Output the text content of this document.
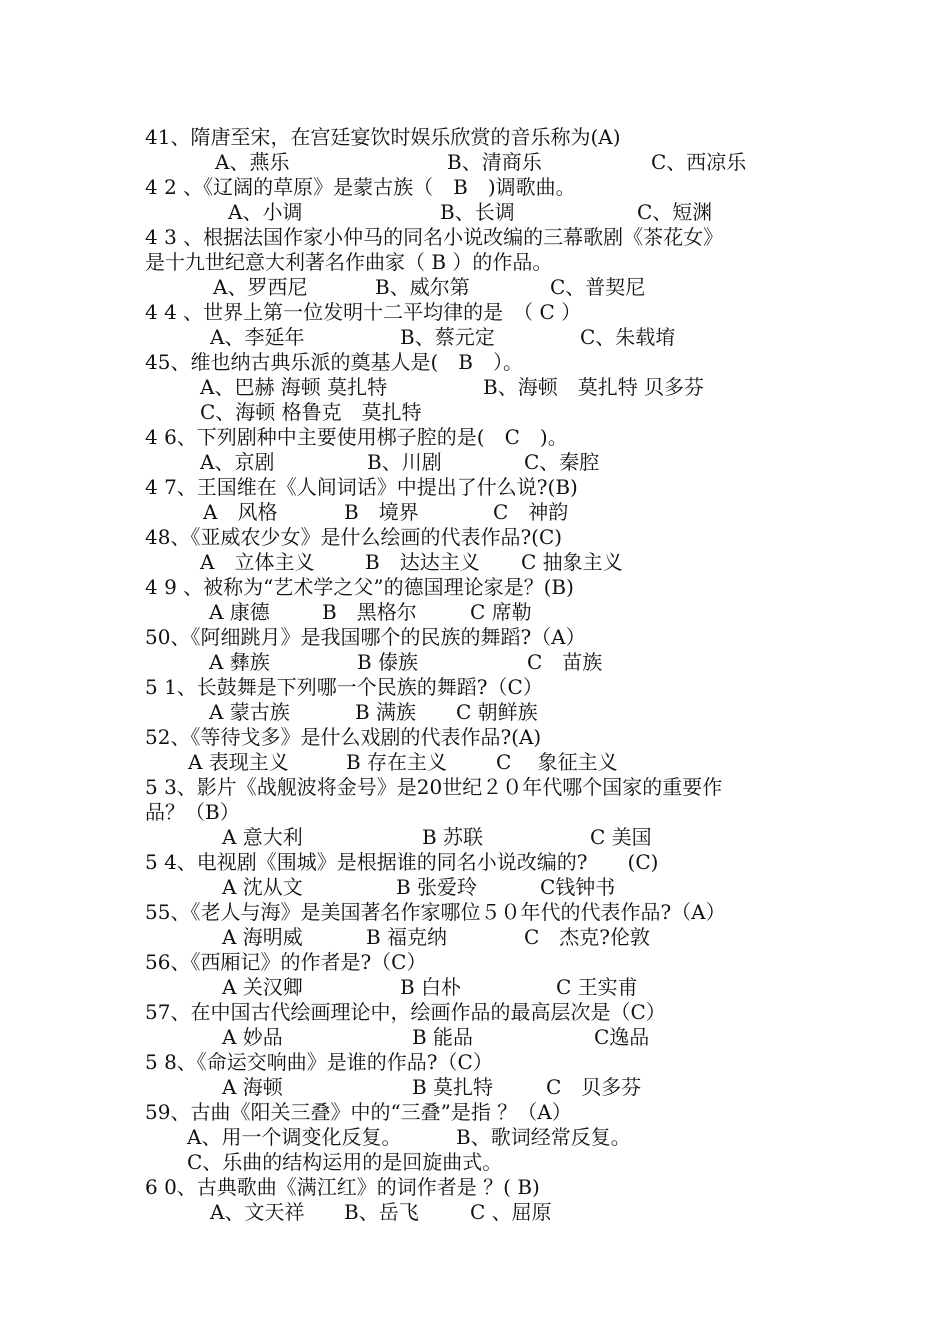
41、隋唐至宋，在宫廷宴饮时娱乐欣赏的音乐称为(A)
A、燕乐	B、清商乐	C、西凉乐
4 2 、《辽阔的草原》是蒙古族（　B　)调歌曲。
A、小调	B、长调	C、短渊
4 3 、根据法国作家小仲马的同名小说改编的三幕歌剧《茶花女》
是十九世纪意大利著名作曲家（ B ）的作品。
A、罗西尼	B、威尔第	C、普契尼
4 4 、世界上第一位发明十二平均律的是　（ C ）
A、李延年	B、蔡元定	C、朱载堉
45、维也纳古典乐派的奠基人是(　B　）。
A、巴赫 海顿 莫扎特	B、海顿　莫扎特 贝多芬
C、海顿 格鲁克　莫扎特
4 6、下列剧种中主要使用梆子腔的是(　C　)。
A、京剧	B、川剧	C、秦腔
4 7、王国维在《人间词话》中提出了什么说?(B)
A　风格	B　境界	C　神韵
48、《亚威农少女》是什么绘画的代表作品?(C)
A　立体主义	B　达达主义 C 抽象主义
4 9 、被称为“艺术学之父”的德国理论家是？(B)
A 康德	B　黑格尔	C 席勒
50、《阿细跳月》是我国哪个的民族的舞蹈?（A）
A 彝族	B 傣族	C　苗族
5 1、长鼓舞是下列哪一个民族的舞蹈?（C）
A 蒙古族	B 满族 C 朝鲜族
52、《等待戈多》是什么戏剧的代表作品?(A)
A 表现主义	B 存在主义 C　 象征主义
5 3、影片《战舰波将金号》是20世纪２０年代哪个国家的重要作
品？（B）
A 意大利	B 苏联	C 美国
5 4、电视剧《围城》是根据谁的同名小说改编的?　　(C)
A 沈从文	B 张爱玲	C钱钟书
55、《老人与海》是美国著名作家哪位５０年代的代表作品?（A）
A 海明威	B 福克纳	C　杰克?伦敦
56、《西厢记》的作者是?（C）
A 关汉卿	B 白朴	C 王实甫
57、在中国古代绘画理论中，绘画作品的最高层次是（C）
A 妙品	B 能品	C逸品
5 8、《命运交响曲》是谁的作品?（C）
A 海顿	B 莫扎特	C　贝多芬
59、古曲《阳关三叠》中的“三叠”是指 ？（A）
A、用一个调变化反复。	B、歌词经常反复。
C、乐曲的结构运用的是回旋曲式。
6 0、古典歌曲《满江红》的词作者是 ？( B)
A、文天祥 B、岳飞	C 、屈原
